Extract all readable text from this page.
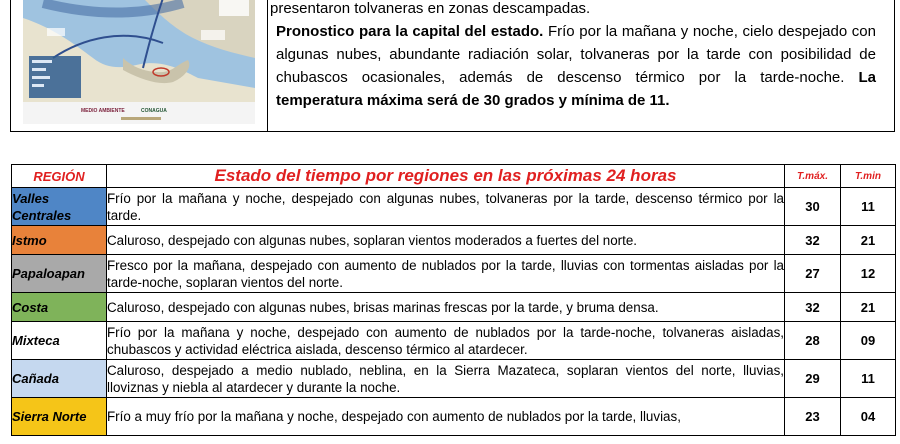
MEDIO AMBIENTE	CONAGUA

presentaron tolvaneras en zonas descampadas.

Pronostico para la capital del estado. Frío por la mañana y noche, cielo despejado con algunas nubes, abundante radiación solar, tolvaneras por la tarde con posibilidad de chubascos ocasionales, además de descenso térmico por la tarde-noche. La temperatura máxima será de 30 grados y mínima de 11.

REGIÓN	Estado del tiempo por regiones en las próximas 24 horas	T.máx.	T.min
Valles Centrales	Frío por la mañana y noche, despejado con algunas nubes, tolvaneras por la tarde, descenso térmico por la tarde.	30	11
Istmo	Caluroso, despejado con algunas nubes, soplaran vientos moderados a fuertes del norte.	32	21
Papaloapan	Fresco por la mañana, despejado con aumento de nublados por la tarde, lluvias con tormentas aisladas por la tarde-noche, soplaran vientos del norte.	27	12
Costa	Caluroso, despejado con algunas nubes, brisas marinas frescas por la tarde, y bruma densa.	32	21
Mixteca	Frío por la mañana y noche, despejado con aumento de nublados por la tarde-noche, tolvaneras aisladas, chubascos y actividad eléctrica aislada, descenso térmico al atardecer.	28	09
Cañada	Caluroso, despejado a medio nublado, neblina, en la Sierra Mazateca, soplaran vientos del norte, lluvias, lloviznas y niebla al atardecer y durante la noche.	29	11
Sierra Norte	Frío a muy frío por la mañana y noche, despejado con aumento de nublados por la tarde, lluvias,	23	04
